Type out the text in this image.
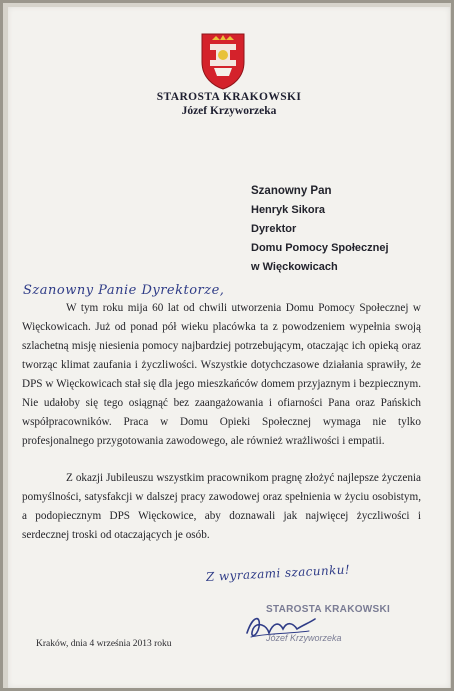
STAROSTA KRAKOWSKI
Józef Krzyworzeka
Szanowny Pan
Henryk Sikora
Dyrektor
Domu Pomocy Społecznej
w Więckowicach
Szanowny Panie Dyrektorze,

W tym roku mija 60 lat od chwili utworzenia Domu Pomocy Społecznej w Więckowicach. Już od ponad pół wieku placówka ta z powodzeniem wypełnia swoją szlachetną misję niesienia pomocy najbardziej potrzebującym, otaczając ich opieką oraz tworząc klimat zaufania i życzliwości. Wszystkie dotychczasowe działania sprawiły, że DPS w Więckowicach stał się dla jego mieszkańców domem przyjaznym i bezpiecznym. Nie udałoby się tego osiągnąć bez zaangażowania i ofiarności Pana oraz Pańskich współpracowników. Praca w Domu Opieki Społecznej wymaga nie tylko profesjonalnego przygotowania zawodowego, ale również wrażliwości i empatii.

Z okazji Jubileuszu wszystkim pracownikom pragnę złożyć najlepsze życzenia pomyślności, satysfakcji w dalszej pracy zawodowej oraz spełnienia w życiu osobistym, a podopiecznym DPS Więckowice, aby doznawali jak najwięcej życzliwości i serdecznej troski od otaczających je osób.

Z wyrazami szacunku!
STAROSTA KRAKOWSKI
Józef Krzyworzeka
Kraków, dnia 4 września 2013 roku
